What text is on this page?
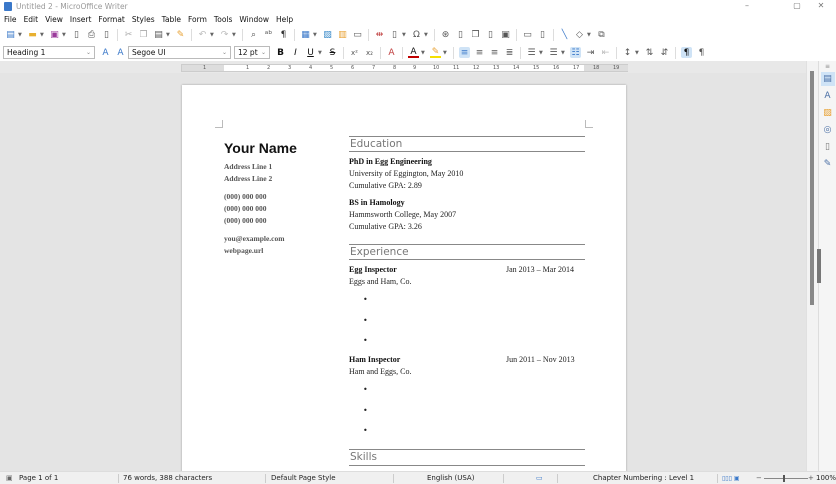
Untitled 2 - MicroOffice Writer	–	▢	✕
File Edit View Insert Format Styles Table Form Tools Window Help
▤ ▼ ▬ ▼ ▣ ▼ ▯ ⎙ ▯	✂ ❐ ▤ ▼ ✎ ↶ ▼ ↷ ▼	⌕ ᵃᵇ ¶ ▦ ▼ ▨ ▥ ▭ ⇹ ▯	▼ Ω ▼ ⊛ ▯ ❐ ▯ ▣ ▭ ▯	╲ ◇ ▼ ⧉
Heading 1	⌄ A A	Segoe UI	⌄ 12 pt ⌄ B	I	U ▼ S	x² x₂ A A ▼ ✎ ▼ ≡ ≡ ≡ ≣ ☰ ▼ ☰ ▼ ☷ ⇥ ⇤ ↕ ▼ ⇅ ⇵ ¶ ¶
1	1	2	3	4	5	6	7	8	9	10	11	12	13	14	15	16	17	18	19
Your Name
Address Line 1
Address Line 2
(000) 000 000
(000) 000 000
(000) 000 000
you@example.com
webpage.url
Education
PhD in Egg Engineering
University of Eggington, May 2010
Cumulative GPA: 2.89
BS in Hamology
Hammsworth College, May 2007
Cumulative GPA: 3.26
Experience
Egg Inspector	Jan 2013 – Mar 2014
Eggs and Ham, Co.
•
•
•
Ham Inspector	Jun 2011 – Nov 2013
Ham and Eggs, Co.
•
•
•
Skills
≡
▤
A
▨
◎
▯
✎
▣ Page 1 of 1	76 words, 388 characters	Default Page Style	English (USA)	▭	Chapter Numbering : Level 1	▯▯▯ ▣ −	+ 100%
